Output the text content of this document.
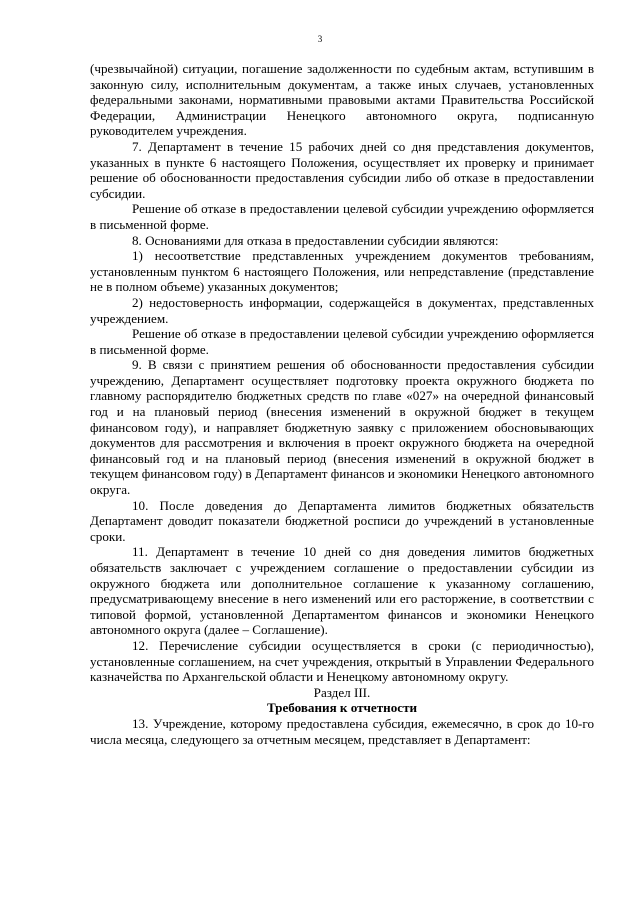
3

(чрезвычайной) ситуации, погашение задолженности по судебным актам, вступившим в законную силу, исполнительным документам, а также иных случаев, установленных федеральными законами, нормативными правовыми актами Правительства Российской Федерации, Администрации Ненецкого автономного округа, подписанную руководителем учреждения.

7. Департамент в течение 15 рабочих дней со дня представления документов, указанных в пункте 6 настоящего Положения, осуществляет их проверку и принимает решение об обоснованности предоставления субсидии либо об отказе в предоставлении субсидии.

Решение об отказе в предоставлении целевой субсидии учреждению оформляется в письменной форме.

8. Основаниями для отказа в предоставлении субсидии являются:

1) несоответствие представленных учреждением документов требованиям, установленным пунктом 6 настоящего Положения, или непредставление (представление не в полном объеме) указанных документов;

2) недостоверность информации, содержащейся в документах, представленных учреждением.

Решение об отказе в предоставлении целевой субсидии учреждению оформляется в письменной форме.

9. В связи с принятием решения об обоснованности предоставления субсидии учреждению, Департамент осуществляет подготовку проекта окружного бюджета по главному распорядителю бюджетных средств по главе «027» на очередной финансовый год и на плановый период (внесения изменений в окружной бюджет в текущем финансовом году), и направляет бюджетную заявку с приложением обосновывающих документов для рассмотрения и включения в проект окружного бюджета на очередной финансовый год и на плановый период (внесения изменений в окружной бюджет в текущем финансовом году) в Департамент финансов и экономики Ненецкого автономного округа.

10. После доведения до Департамента лимитов бюджетных обязательств Департамент доводит показатели бюджетной росписи до учреждений в установленные сроки.

11. Департамент в течение 10 дней со дня доведения лимитов бюджетных обязательств заключает с учреждением соглашение о предоставлении субсидии из окружного бюджета или дополнительное соглашение к указанному соглашению, предусматривающему внесение в него изменений или его расторжение, в соответствии с типовой формой, установленной Департаментом финансов и экономики Ненецкого автономного округа (далее – Соглашение).

12. Перечисление субсидии осуществляется в сроки (с периодичностью), установленные соглашением, на счет учреждения, открытый в Управлении Федерального казначейства по Архангельской области и Ненецкому автономному округу.

Раздел III.

Требования к отчетности

13. Учреждение, которому предоставлена субсидия, ежемесячно, в срок до 10-го числа месяца, следующего за отчетным месяцем, представляет в Департамент:
